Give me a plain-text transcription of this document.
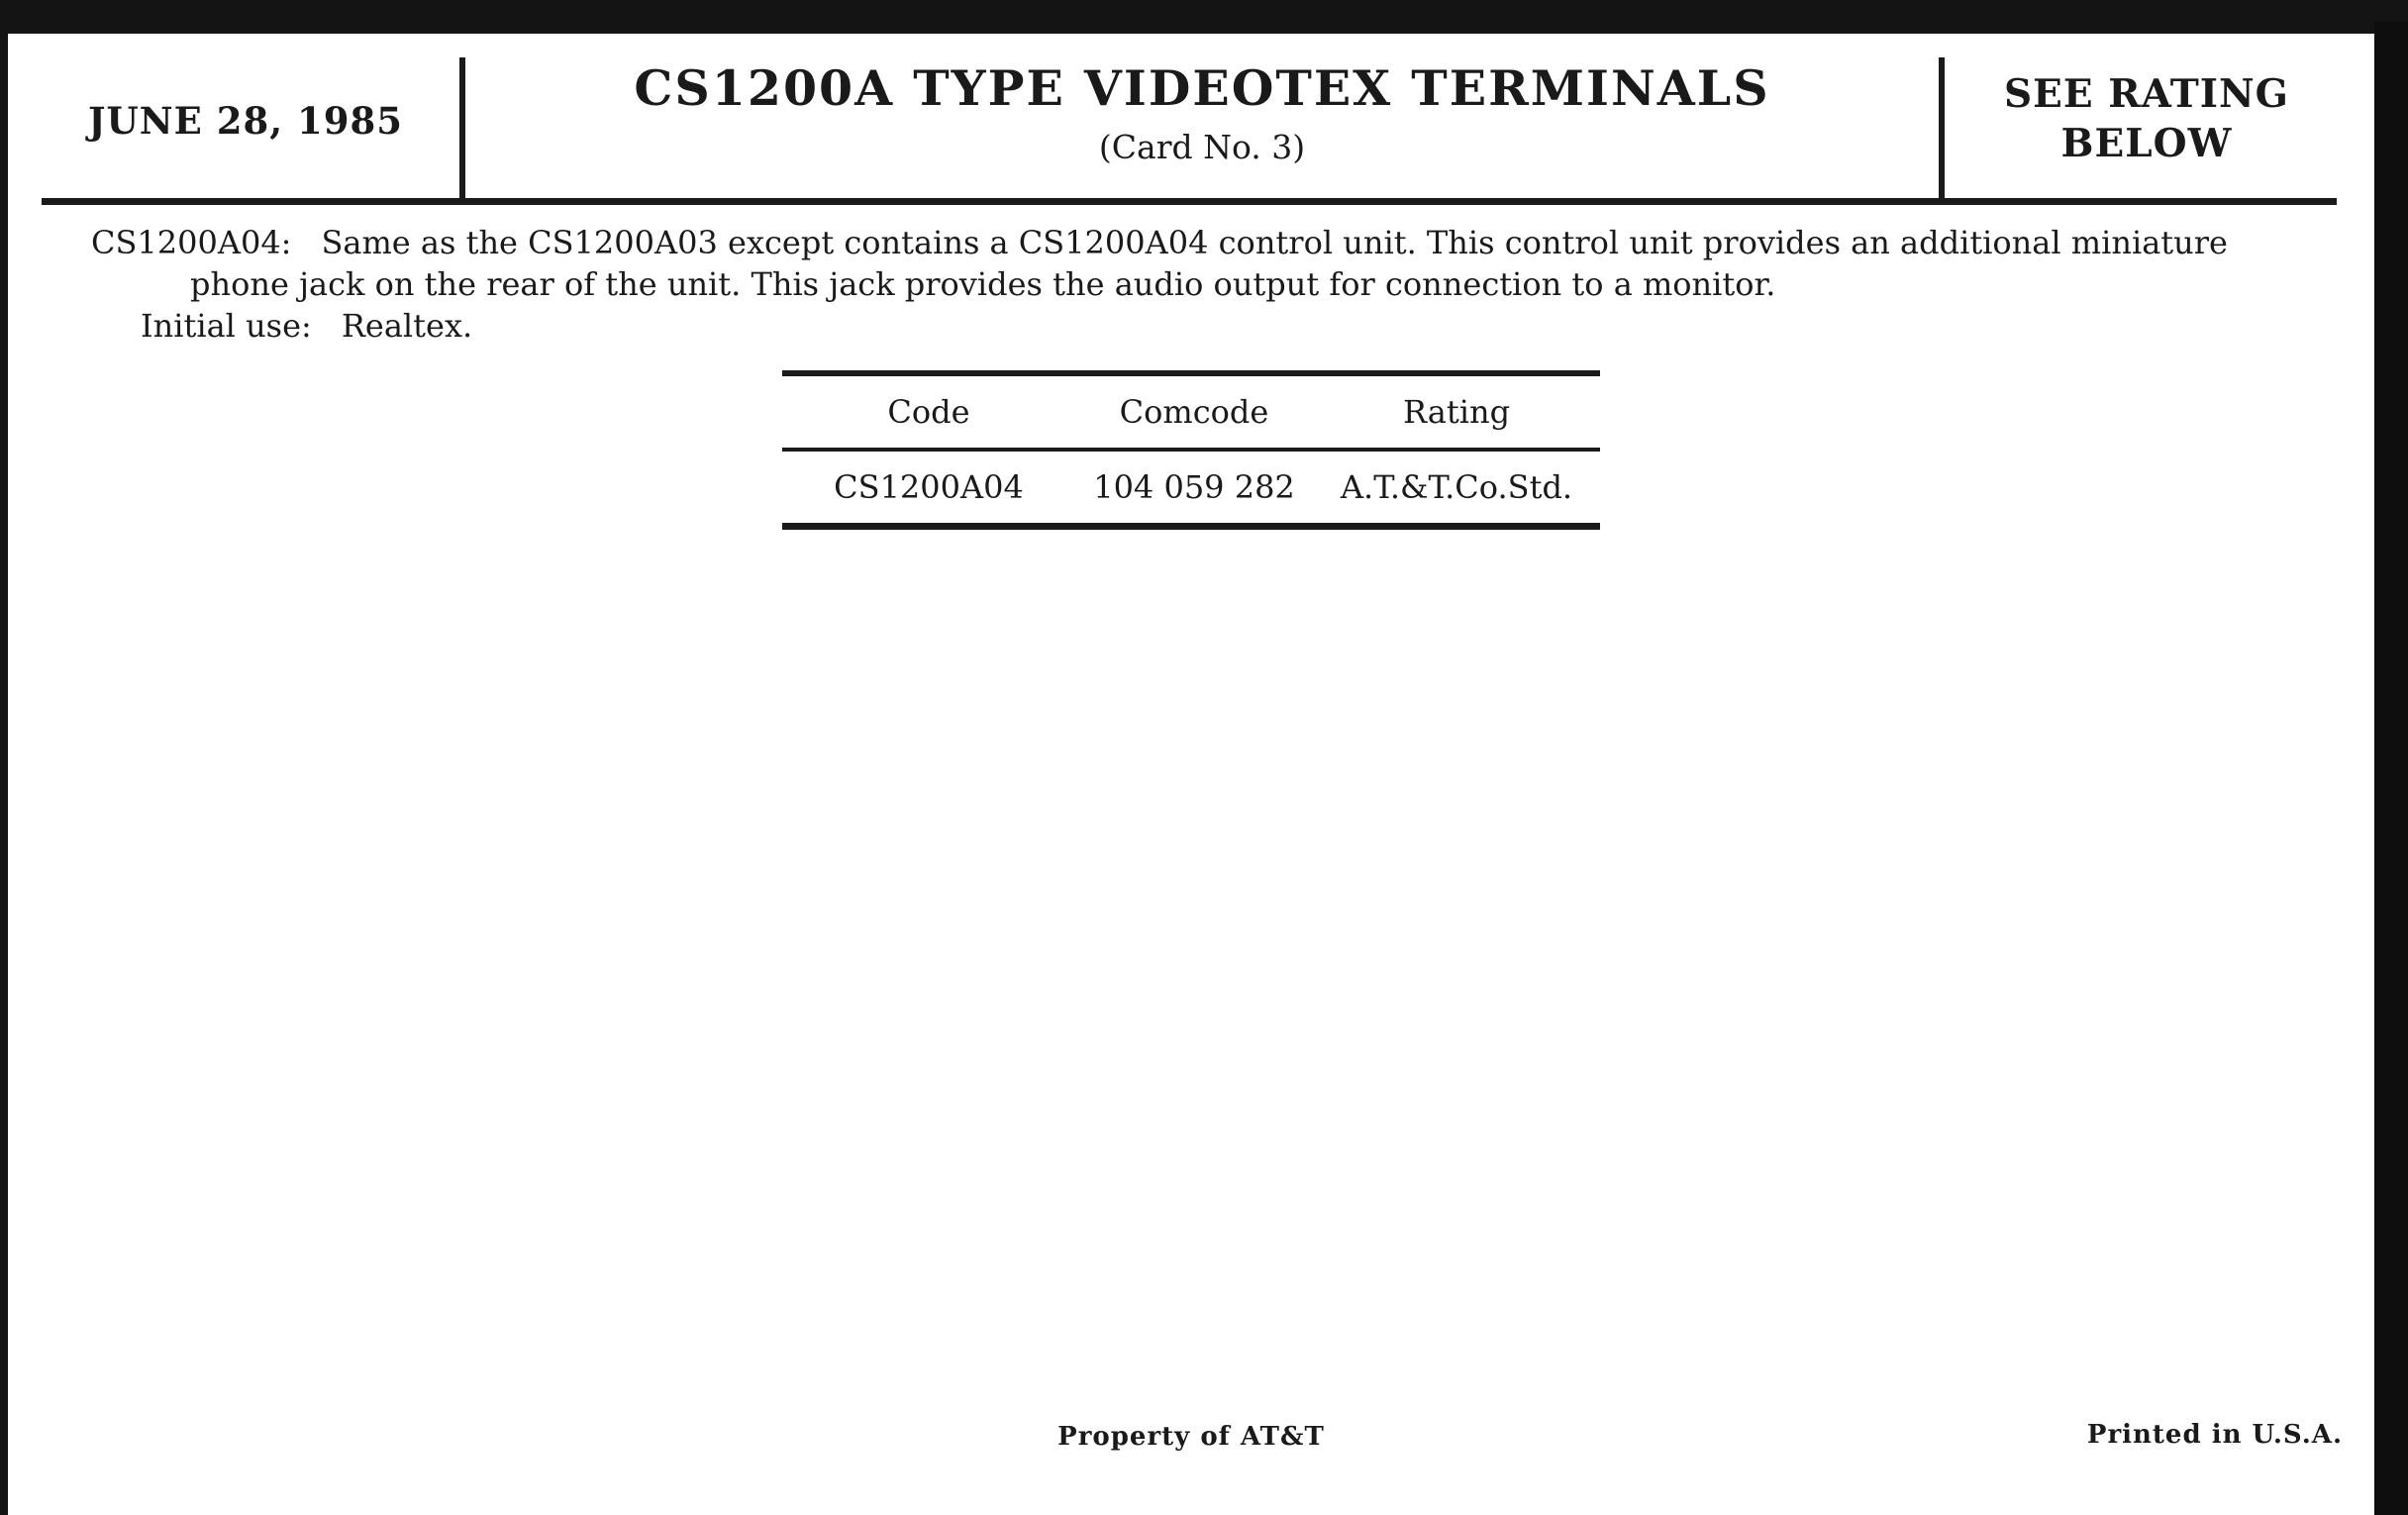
JUNE 28, 1985
CS1200A TYPE VIDEOTEX TERMINALS
(Card No. 3)
SEE RATING
BELOW
CS1200A04: Same as the CS1200A03 except contains a CS1200A04 control unit. This control unit provides an additional miniature phone jack on the rear of the unit. This jack provides the audio output for connection to a monitor.
Initial use: Realtex.
Code	Comcode	Rating
CS1200A04	104 059 282	A.T.&T.Co.Std.
Property of AT&T	Printed in U.S.A.
